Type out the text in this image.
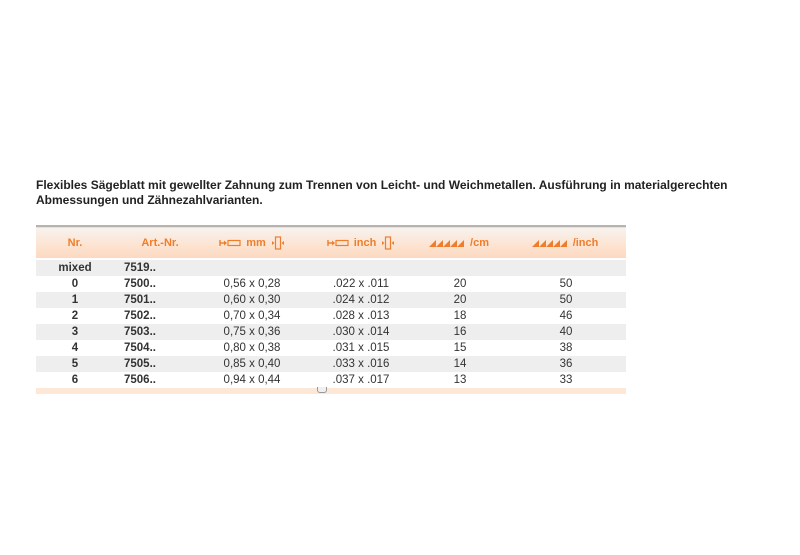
Flexibles Sägeblatt mit gewellter Zahnung zum Trennen von Leicht- und Weichmetallen. Ausführung in materialgerechten Abmessungen und Zähnezahlvarianten.
Nr.	Art.-Nr.	mm	inch	/cm	/inch

mixed	7519..				
0	7500..	0,56 x 0,28	.022 x .011	20	50
1	7501..	0,60 x 0,30	.024 x .012	20	50
2	7502..	0,70 x 0,34	.028 x .013	18	46
3	7503..	0,75 x 0,36	.030 x .014	16	40
4	7504..	0,80 x 0,38	.031 x .015	15	38
5	7505..	0,85 x 0,40	.033 x .016	14	36
6	7506..	0,94 x 0,44	.037 x .017	13	33
